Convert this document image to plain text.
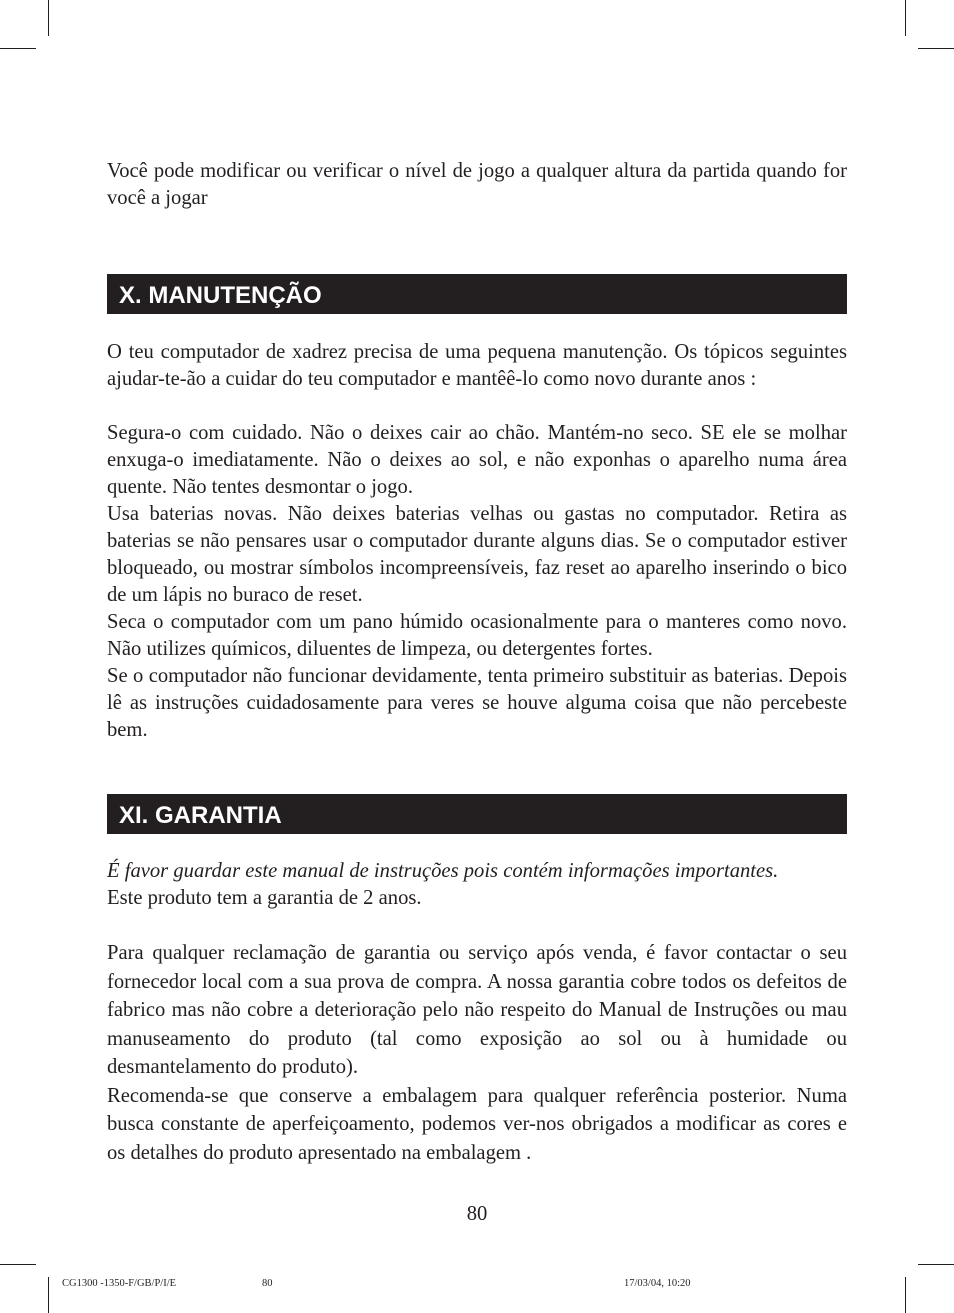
Você pode modificar ou verificar o nível de jogo a qualquer altura da partida quando for você a jogar

X. MANUTENÇÃO

O teu computador de xadrez precisa de uma pequena manutenção. Os tópicos seguintes ajudar-te-ão a cuidar do teu computador e mantêê-lo como novo durante anos :

Segura-o com cuidado. Não o deixes cair ao chão. Mantém-no seco. SE ele se molhar enxuga-o imediatamente. Não o deixes ao sol, e não exponhas o aparelho numa área quente. Não tentes desmontar o jogo.

Usa baterias novas. Não deixes baterias velhas ou gastas no computador. Retira as baterias se não pensares usar o computador durante alguns dias. Se o computador estiver bloqueado, ou mostrar símbolos incompreensíveis, faz reset ao aparelho inserindo o bico de um lápis no buraco de reset.

Seca o computador com um pano húmido ocasionalmente para o manteres como novo. Não utilizes químicos, diluentes de limpeza, ou detergentes fortes.

Se o computador não funcionar devidamente, tenta primeiro substituir as baterias. Depois lê as instruções cuidadosamente para veres se houve alguma coisa que não percebeste bem.

XI. GARANTIA

É favor guardar este manual de instruções pois contém informações importantes.

Este produto tem a garantia de 2 anos.

Para qualquer reclamação de garantia ou serviço após venda, é favor contactar o seu fornecedor local com a sua prova de compra. A nossa garantia cobre todos os defeitos de fabrico mas não cobre a deterioração pelo não respeito do Manual de Instruções ou mau manuseamento do produto (tal como exposição ao sol ou à humidade ou desmantelamento do produto).

Recomenda-se que conserve a embalagem para qualquer referência posterior. Numa busca constante de aperfeiçoamento, podemos ver-nos obrigados a modificar as cores e os detalhes do produto apresentado na embalagem .

80
CG1300 -1350-F/GB/P/I/E	80	17/03/04, 10:20
